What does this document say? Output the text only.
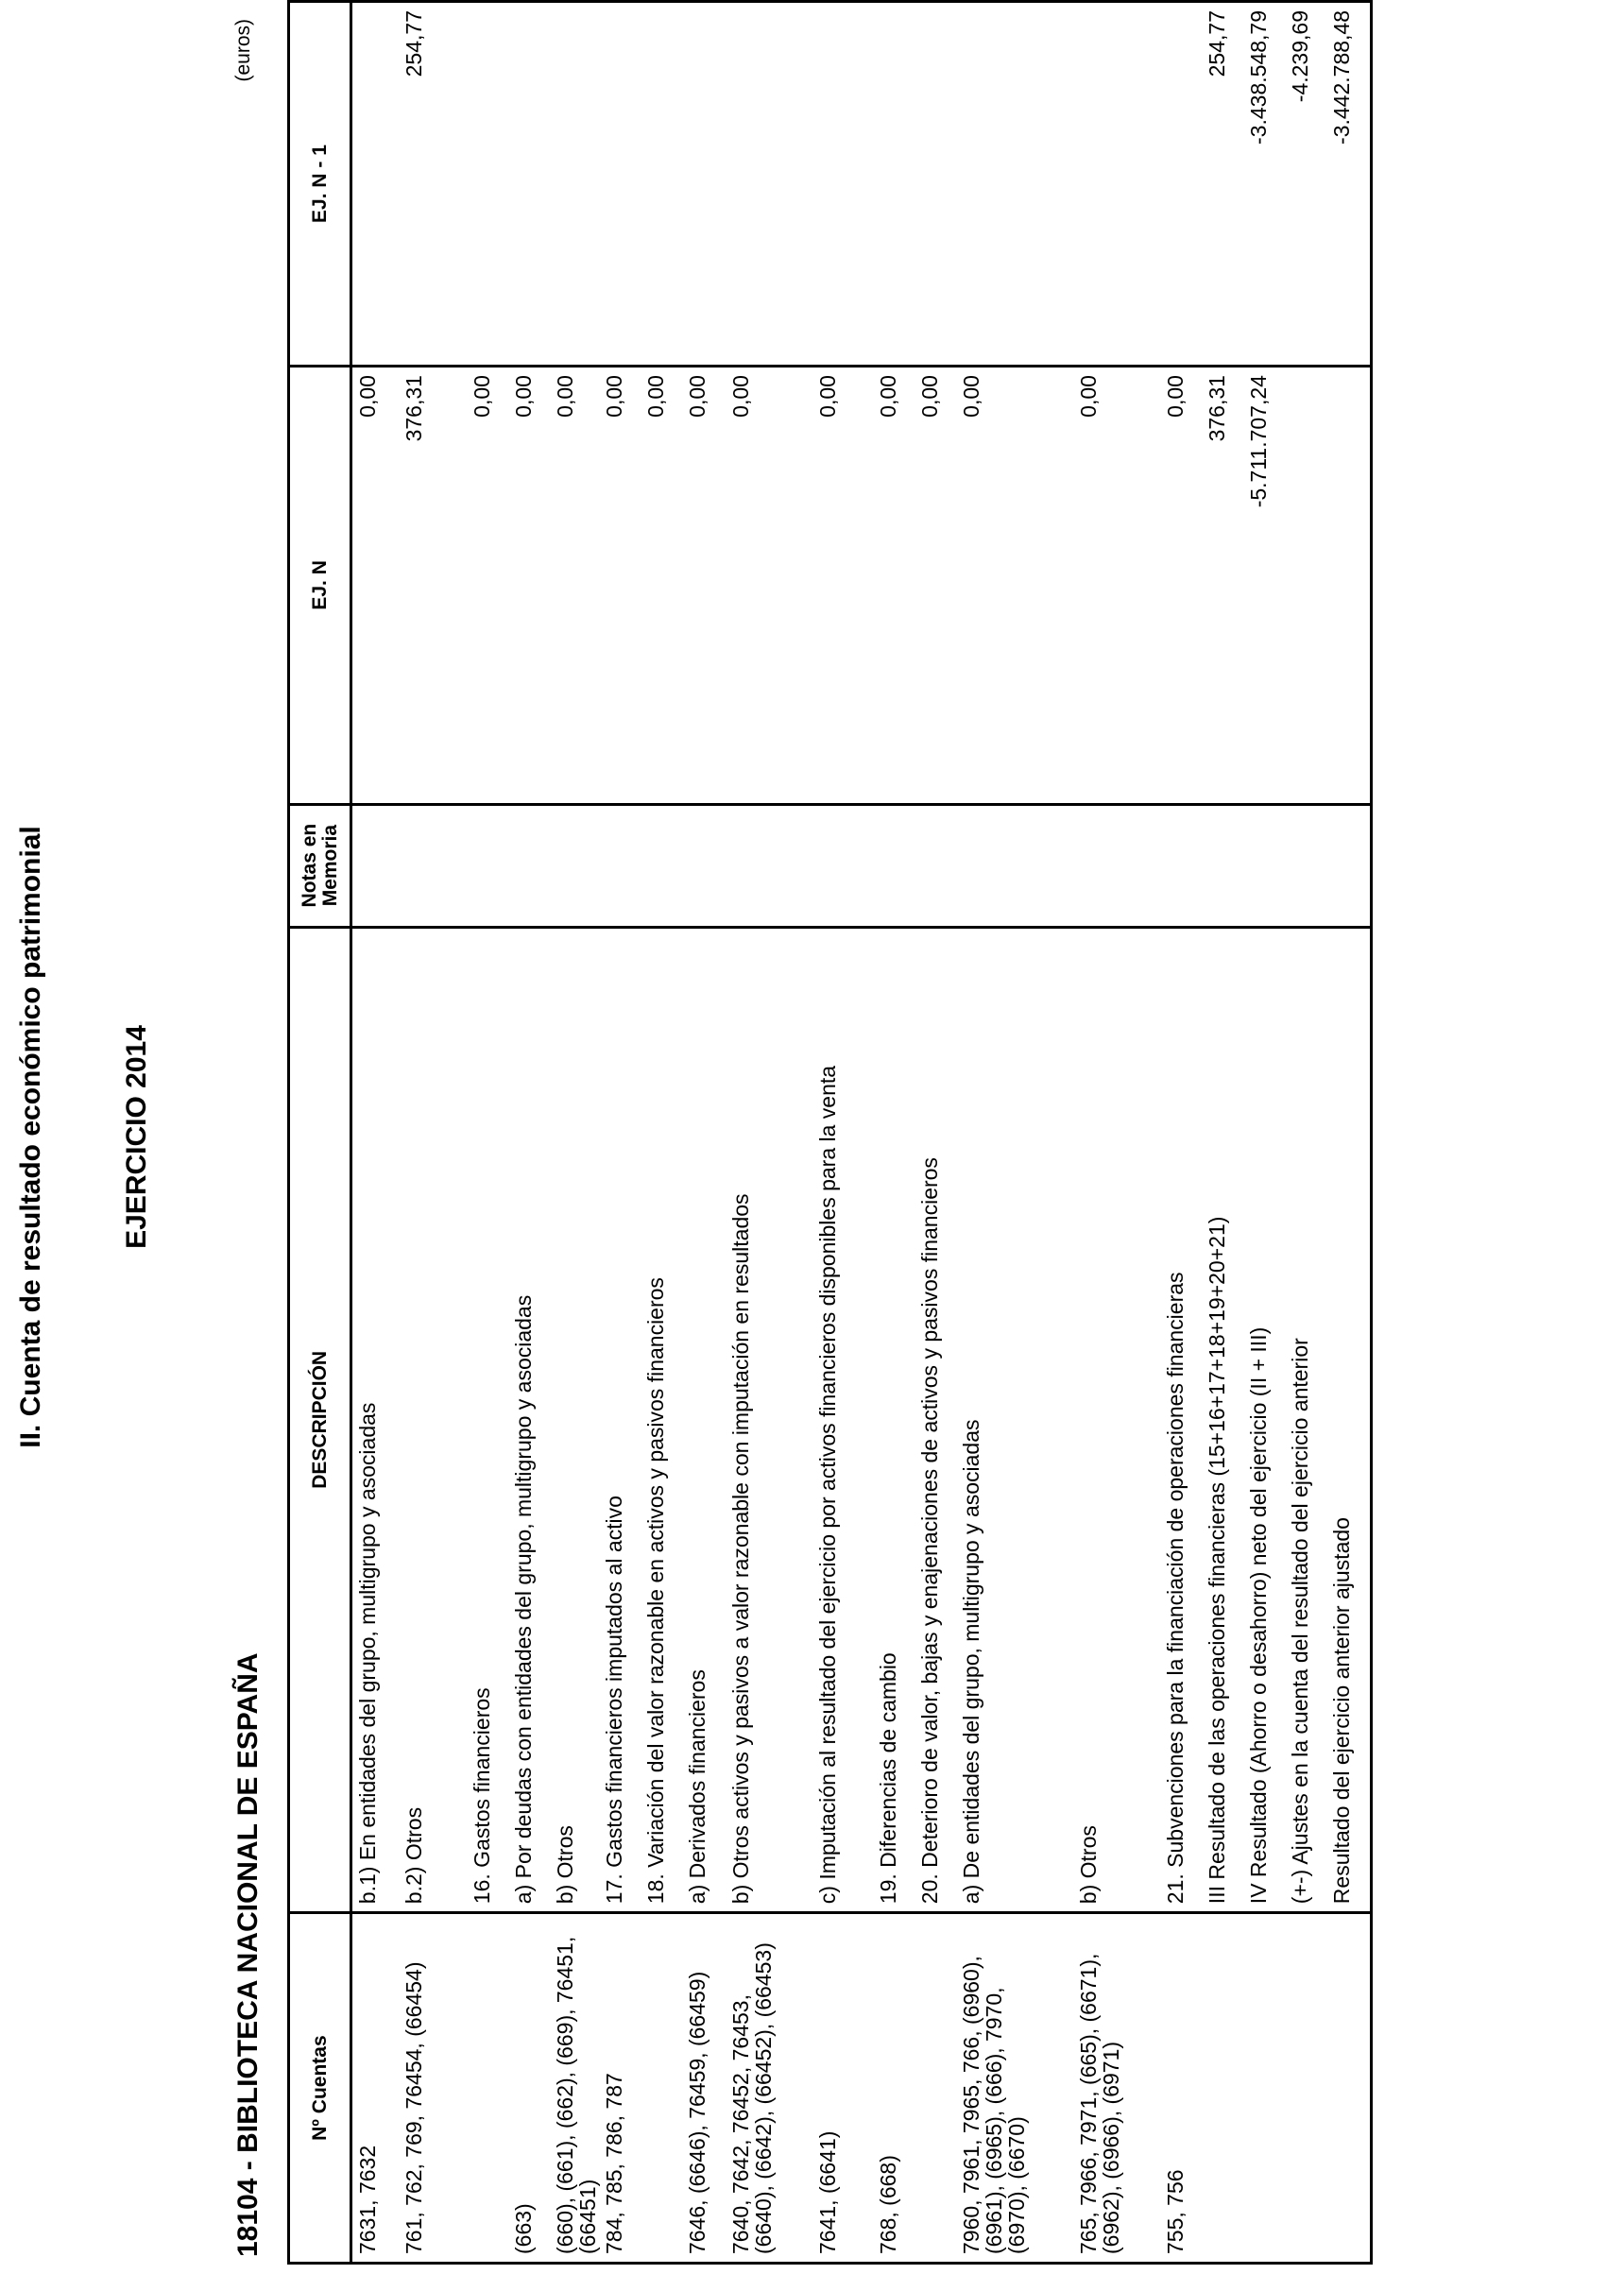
II. Cuenta de resultado económico patrimonial	EJERCICIO 2014
18104 - BIBLIOTECA NACIONAL DE ESPAÑA
(euros)
Nº Cuentas	DESCRIPCIÓN	Notas en Memoria	EJ. N	EJ. N - 1
7631, 7632	b.1) En entidades del grupo, multigrupo y asociadas		0,00	
761, 762, 769, 76454, (66454)	b.2) Otros		376,31	254,77
	16. Gastos financieros		0,00	
(663)	a) Por deudas con entidades del grupo, multigrupo y asociadas		0,00	
(660), (661), (662), (669), 76451, (66451)	b) Otros		0,00	
784, 785, 786, 787	17. Gastos financieros imputados al activo		0,00	
	18. Variación del valor razonable en activos y pasivos financieros		0,00	
7646, (6646), 76459, (66459)	a) Derivados financieros		0,00	
7640, 7642, 76452, 76453, (6640), (6642), (66452), (66453)	b) Otros activos y pasivos a valor razonable con imputación en resultados		0,00	
7641, (6641)	c) Imputación al resultado del ejercicio por activos financieros disponibles para la venta		0,00	
768, (668)	19. Diferencias de cambio		0,00	
	20. Deterioro de valor, bajas y enajenaciones de activos y pasivos financieros		0,00	
7960, 7961, 7965, 766, (6960), (6961), (6965), (666), 7970, (6970), (6670)	a) De entidades del grupo, multigrupo y asociadas		0,00	
765, 7966, 7971, (665), (6671), (6962), (6966), (6971)	b) Otros		0,00	
755, 756	21. Subvenciones para la financiación de operaciones financieras		0,00	
	III Resultado de las operaciones financieras (15+16+17+18+19+20+21)		376,31	254,77
	IV Resultado (Ahorro o desahorro) neto del ejercicio (II + III)		-5.711.707,24	-3.438.548,79
	(+-) Ajustes en la cuenta del resultado del ejercicio anterior			-4.239,69
	Resultado del ejercicio anterior ajustado			-3.442.788,48
